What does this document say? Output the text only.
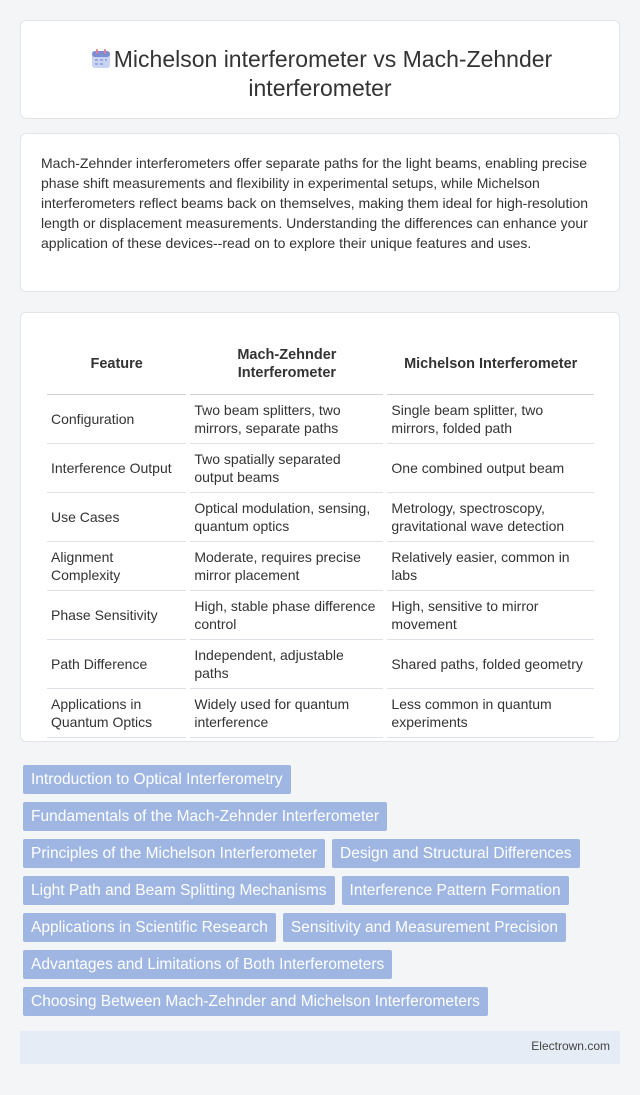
Michelson interferometer vs Mach-Zehnder
interferometer

Mach-Zehnder interferometers offer separate paths for the light beams, enabling precise phase shift measurements and flexibility in experimental setups, while Michelson interferometers reflect beams back on themselves, making them ideal for high-resolution length or displacement measurements. Understanding the differences can enhance your application of these devices--read on to explore their unique features and uses.

Feature	Mach-Zehnder Interferometer	Michelson Interferometer
Configuration	Two beam splitters, two mirrors, separate paths	Single beam splitter, two mirrors, folded path
Interference Output	Two spatially separated output beams	One combined output beam
Use Cases	Optical modulation, sensing, quantum optics	Metrology, spectroscopy, gravitational wave detection
Alignment Complexity	Moderate, requires precise mirror placement	Relatively easier, common in labs
Phase Sensitivity	High, stable phase difference control	High, sensitive to mirror movement
Path Difference	Independent, adjustable paths	Shared paths, folded geometry
Applications in Quantum Optics	Widely used for quantum interference	Less common in quantum experiments
Introduction to Optical Interferometry
Fundamentals of the Mach-Zehnder Interferometer
Principles of the Michelson Interferometer	Design and Structural Differences
Light Path and Beam Splitting Mechanisms	Interference Pattern Formation
Applications in Scientific Research	Sensitivity and Measurement Precision
Advantages and Limitations of Both Interferometers
Choosing Between Mach-Zehnder and Michelson Interferometers
Electrown.com
